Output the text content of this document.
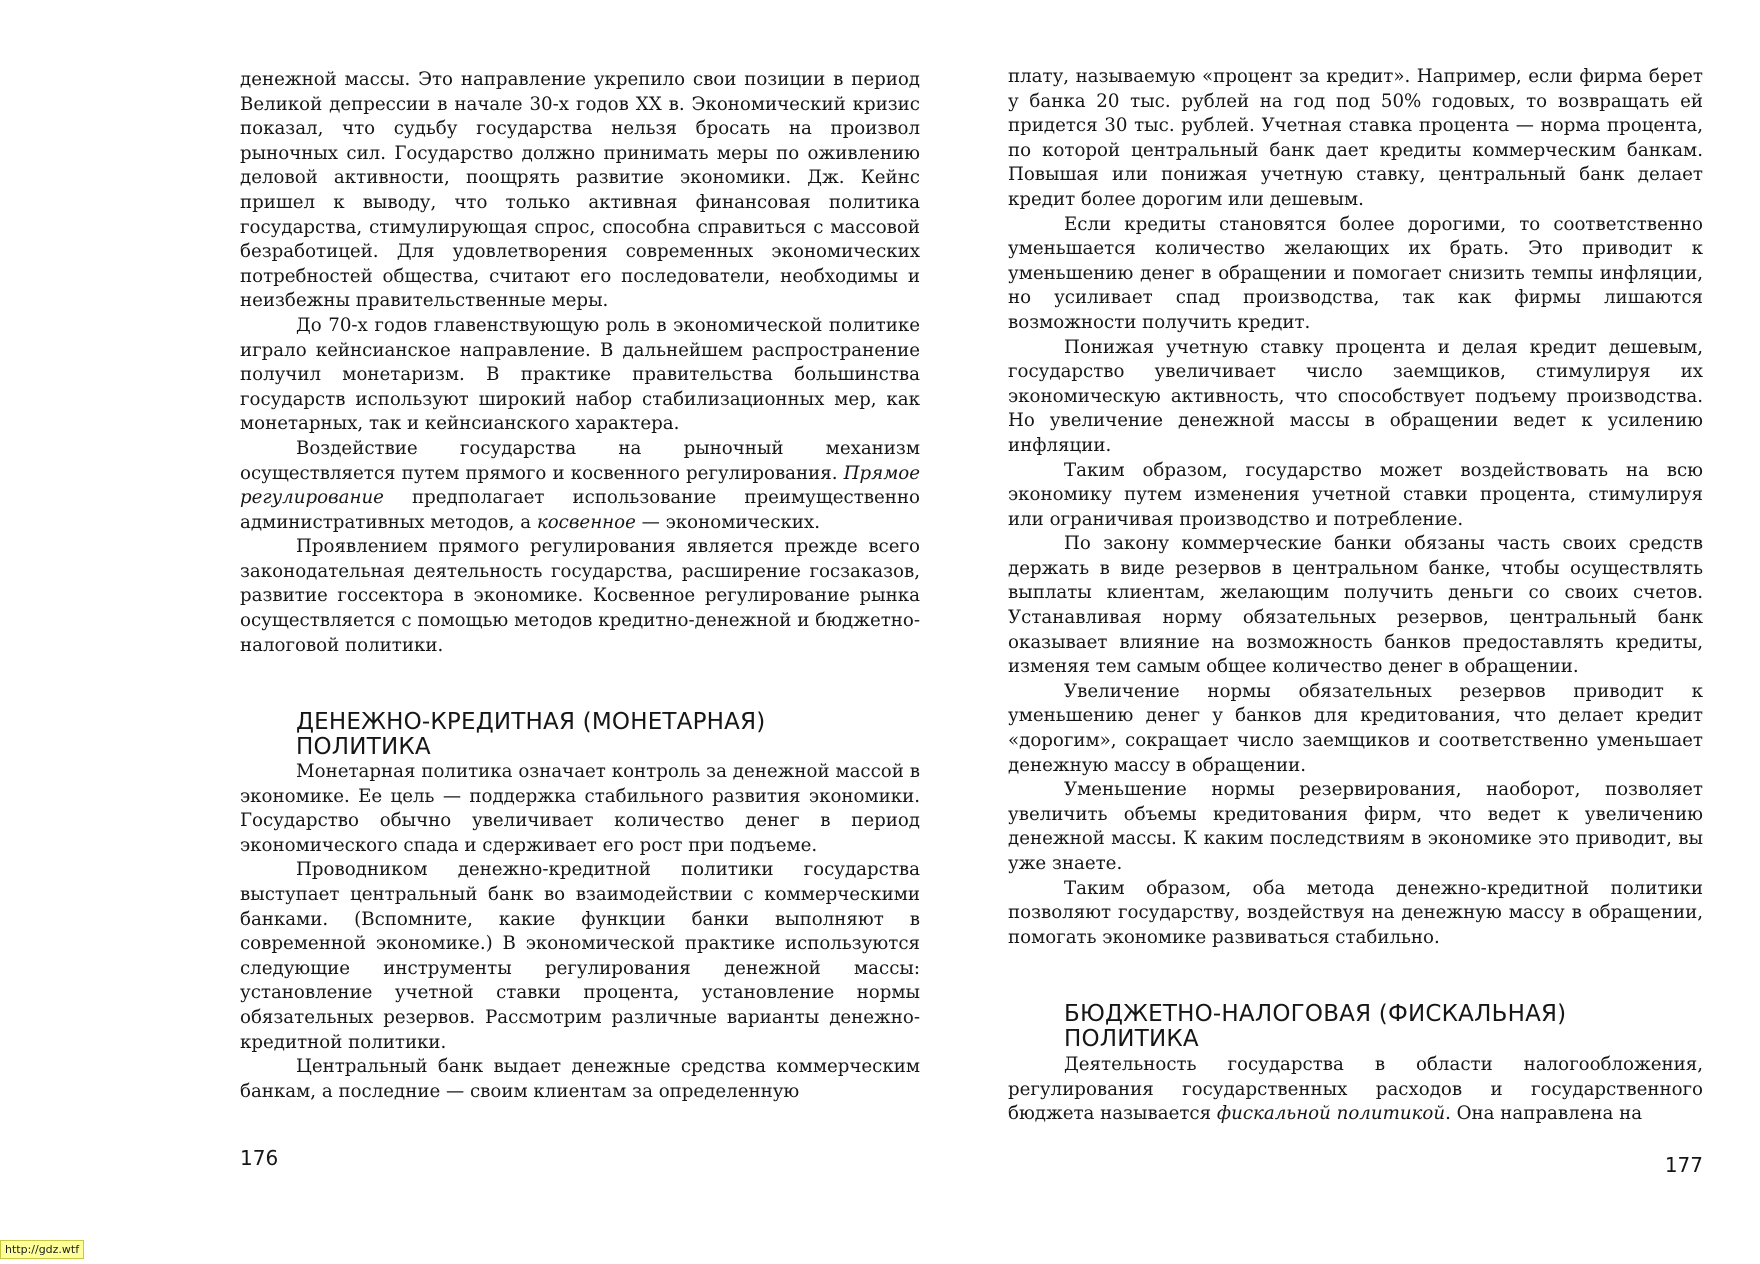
денежной массы. Это направление укрепило свои позиции в период Великой депрессии в начале 30-х годов XX в. Экономический кризис показал, что судьбу государства нельзя бросать на произвол рыночных сил. Государство должно принимать меры по оживлению деловой активности, поощрять развитие экономики. Дж. Кейнс пришел к выводу, что только активная финансовая политика государства, стимулирующая спрос, способна справиться с массовой безработицей. Для удовлетворения современных экономических потребностей общества, считают его последователи, необходимы и неизбежны правительственные меры.

До 70-х годов главенствующую роль в экономической политике играло кейнсианское направление. В дальнейшем распространение получил монетаризм. В практике правительства большинства государств используют широкий набор стабилизационных мер, как монетарных, так и кейнсианского характера.

Воздействие государства на рыночный механизм осуществляется путем прямого и косвенного регулирования. Прямое регулирование предполагает использование преимущественно административных методов, а косвенное — экономических.

Проявлением прямого регулирования является прежде всего законодательная деятельность государства, расширение госзаказов, развитие госсектора в экономике. Косвенное регулирование рынка осуществляется с помощью методов кредитно-денежной и бюджетно-налоговой политики.

ДЕНЕЖНО-КРЕДИТНАЯ (МОНЕТАРНАЯ)
ПОЛИТИКА

Монетарная политика означает контроль за денежной массой в экономике. Ее цель — поддержка стабильного развития экономики. Государство обычно увеличивает количество денег в период экономического спада и сдерживает его рост при подъеме.

Проводником денежно-кредитной политики государства выступает центральный банк во взаимодействии с коммерческими банками. (Вспомните, какие функции банки выполняют в современной экономике.) В экономической практике используются следующие инструменты регулирования денежной массы: установление учетной ставки процента, установление нормы обязательных резервов. Рассмотрим различные варианты денежно-кредитной политики.

Центральный банк выдает денежные средства коммерческим банкам, а последние — своим клиентам за определенную

176

плату, называемую «процент за кредит». Например, если фирма берет у банка 20 тыс. рублей на год под 50% годовых, то возвращать ей придется 30 тыс. рублей. Учетная ставка процента — норма процента, по которой центральный банк дает кредиты коммерческим банкам. Повышая или понижая учетную ставку, центральный банк делает кредит более дорогим или дешевым.

Если кредиты становятся более дорогими, то соответственно уменьшается количество желающих их брать. Это приводит к уменьшению денег в обращении и помогает снизить темпы инфляции, но усиливает спад производства, так как фирмы лишаются возможности получить кредит.

Понижая учетную ставку процента и делая кредит дешевым, государство увеличивает число заемщиков, стимулируя их экономическую активность, что способствует подъему производства. Но увеличение денежной массы в обращении ведет к усилению инфляции.

Таким образом, государство может воздействовать на всю экономику путем изменения учетной ставки процента, стимулируя или ограничивая производство и потребление.

По закону коммерческие банки обязаны часть своих средств держать в виде резервов в центральном банке, чтобы осуществлять выплаты клиентам, желающим получить деньги со своих счетов. Устанавливая норму обязательных резервов, центральный банк оказывает влияние на возможность банков предоставлять кредиты, изменяя тем самым общее количество денег в обращении.

Увеличение нормы обязательных резервов приводит к уменьшению денег у банков для кредитования, что делает кредит «дорогим», сокращает число заемщиков и соответственно уменьшает денежную массу в обращении.

Уменьшение нормы резервирования, наоборот, позволяет увеличить объемы кредитования фирм, что ведет к увеличению денежной массы. К каким последствиям в экономике это приводит, вы уже знаете.

Таким образом, оба метода денежно-кредитной политики позволяют государству, воздействуя на денежную массу в обращении, помогать экономике развиваться стабильно.

БЮДЖЕТНО-НАЛОГОВАЯ (ФИСКАЛЬНАЯ)
ПОЛИТИКА

Деятельность государства в области налогообложения, регулирования государственных расходов и государственного бюджета называется фискальной политикой. Она направлена на

177
http://gdz.wtf
